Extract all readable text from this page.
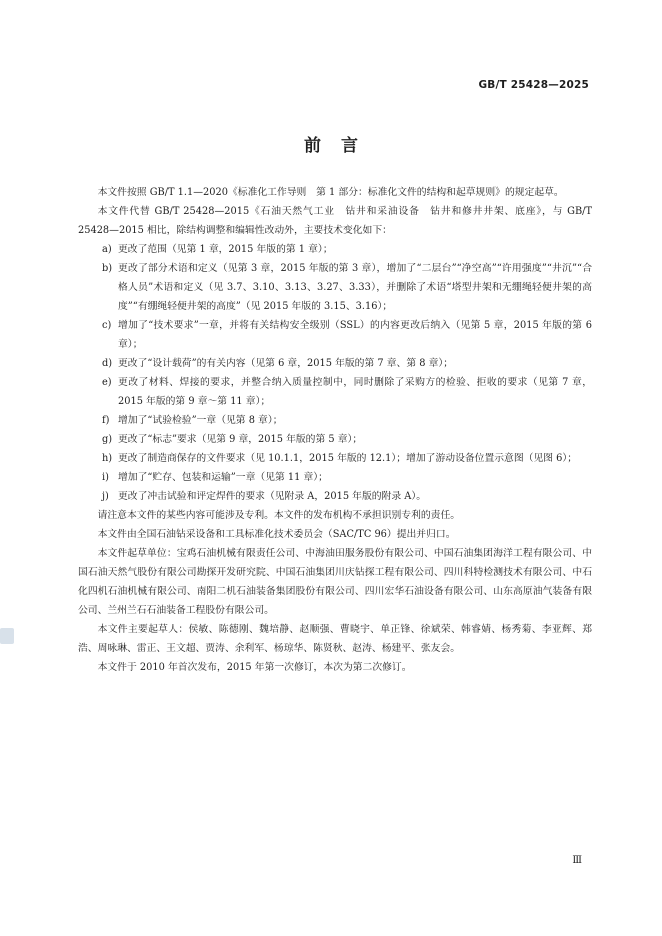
GB/T 25428—2025
前言

本文件按照 GB/T 1.1—2020《标准化工作导则　第 1 部分：标准化文件的结构和起草规则》的规定起草。

本文件代替 GB/T 25428—2015《石油天然气工业　钻井和采油设备　钻井和修井井架、底座》，与 GB/T 25428—2015 相比，除结构调整和编辑性改动外，主要技术变化如下：

a) 更改了范围（见第 1 章，2015 年版的第 1 章）；
b) 更改了部分术语和定义（见第 3 章，2015 年版的第 3 章），增加了“二层台”“净空高”“许用强度”“井沉”“合格人员”术语和定义（见 3.7、3.10、3.13、3.27、3.33），并删除了术语“塔型井架和无绷绳轻便井架的高度”“有绷绳轻便井架的高度”（见 2015 年版的 3.15、3.16）；
c) 增加了“技术要求”一章，并将有关结构安全级别（SSL）的内容更改后纳入（见第 5 章，2015 年版的第 6 章）；
d) 更改了“设计载荷”的有关内容（见第 6 章，2015 年版的第 7 章、第 8 章）；
e) 更改了材料、焊接的要求，并整合纳入质量控制中，同时删除了采购方的检验、拒收的要求（见第 7 章，2015 年版的第 9 章～第 11 章）；
f) 增加了“试验检验”一章（见第 8 章）；
g) 更改了“标志”要求（见第 9 章，2015 年版的第 5 章）；
h) 更改了制造商保存的文件要求（见 10.1.1，2015 年版的 12.1）；增加了游动设备位置示意图（见图 6）；
i) 增加了“贮存、包装和运输”一章（见第 11 章）；
j) 更改了冲击试验和评定焊件的要求（见附录 A，2015 年版的附录 A）。

请注意本文件的某些内容可能涉及专利。本文件的发布机构不承担识别专利的责任。

本文件由全国石油钻采设备和工具标准化技术委员会（SAC/TC 96）提出并归口。

本文件起草单位：宝鸡石油机械有限责任公司、中海油田服务股份有限公司、中国石油集团海洋工程有限公司、中国石油天然气股份有限公司勘探开发研究院、中国石油集团川庆钻探工程有限公司、四川科特检测技术有限公司、中石化四机石油机械有限公司、南阳二机石油装备集团股份有限公司、四川宏华石油设备有限公司、山东高原油气装备有限公司、兰州兰石石油装备工程股份有限公司。

本文件主要起草人：侯敏、陈德刚、魏培静、赵顺强、曹晓宇、单正锋、徐斌荣、韩睿婧、杨秀菊、李亚辉、郑浩、周咏琳、雷正、王文超、贾涛、余利军、杨琼华、陈贤秋、赵涛、杨建平、张友会。

本文件于 2010 年首次发布，2015 年第一次修订，本次为第二次修订。

Ⅲ
